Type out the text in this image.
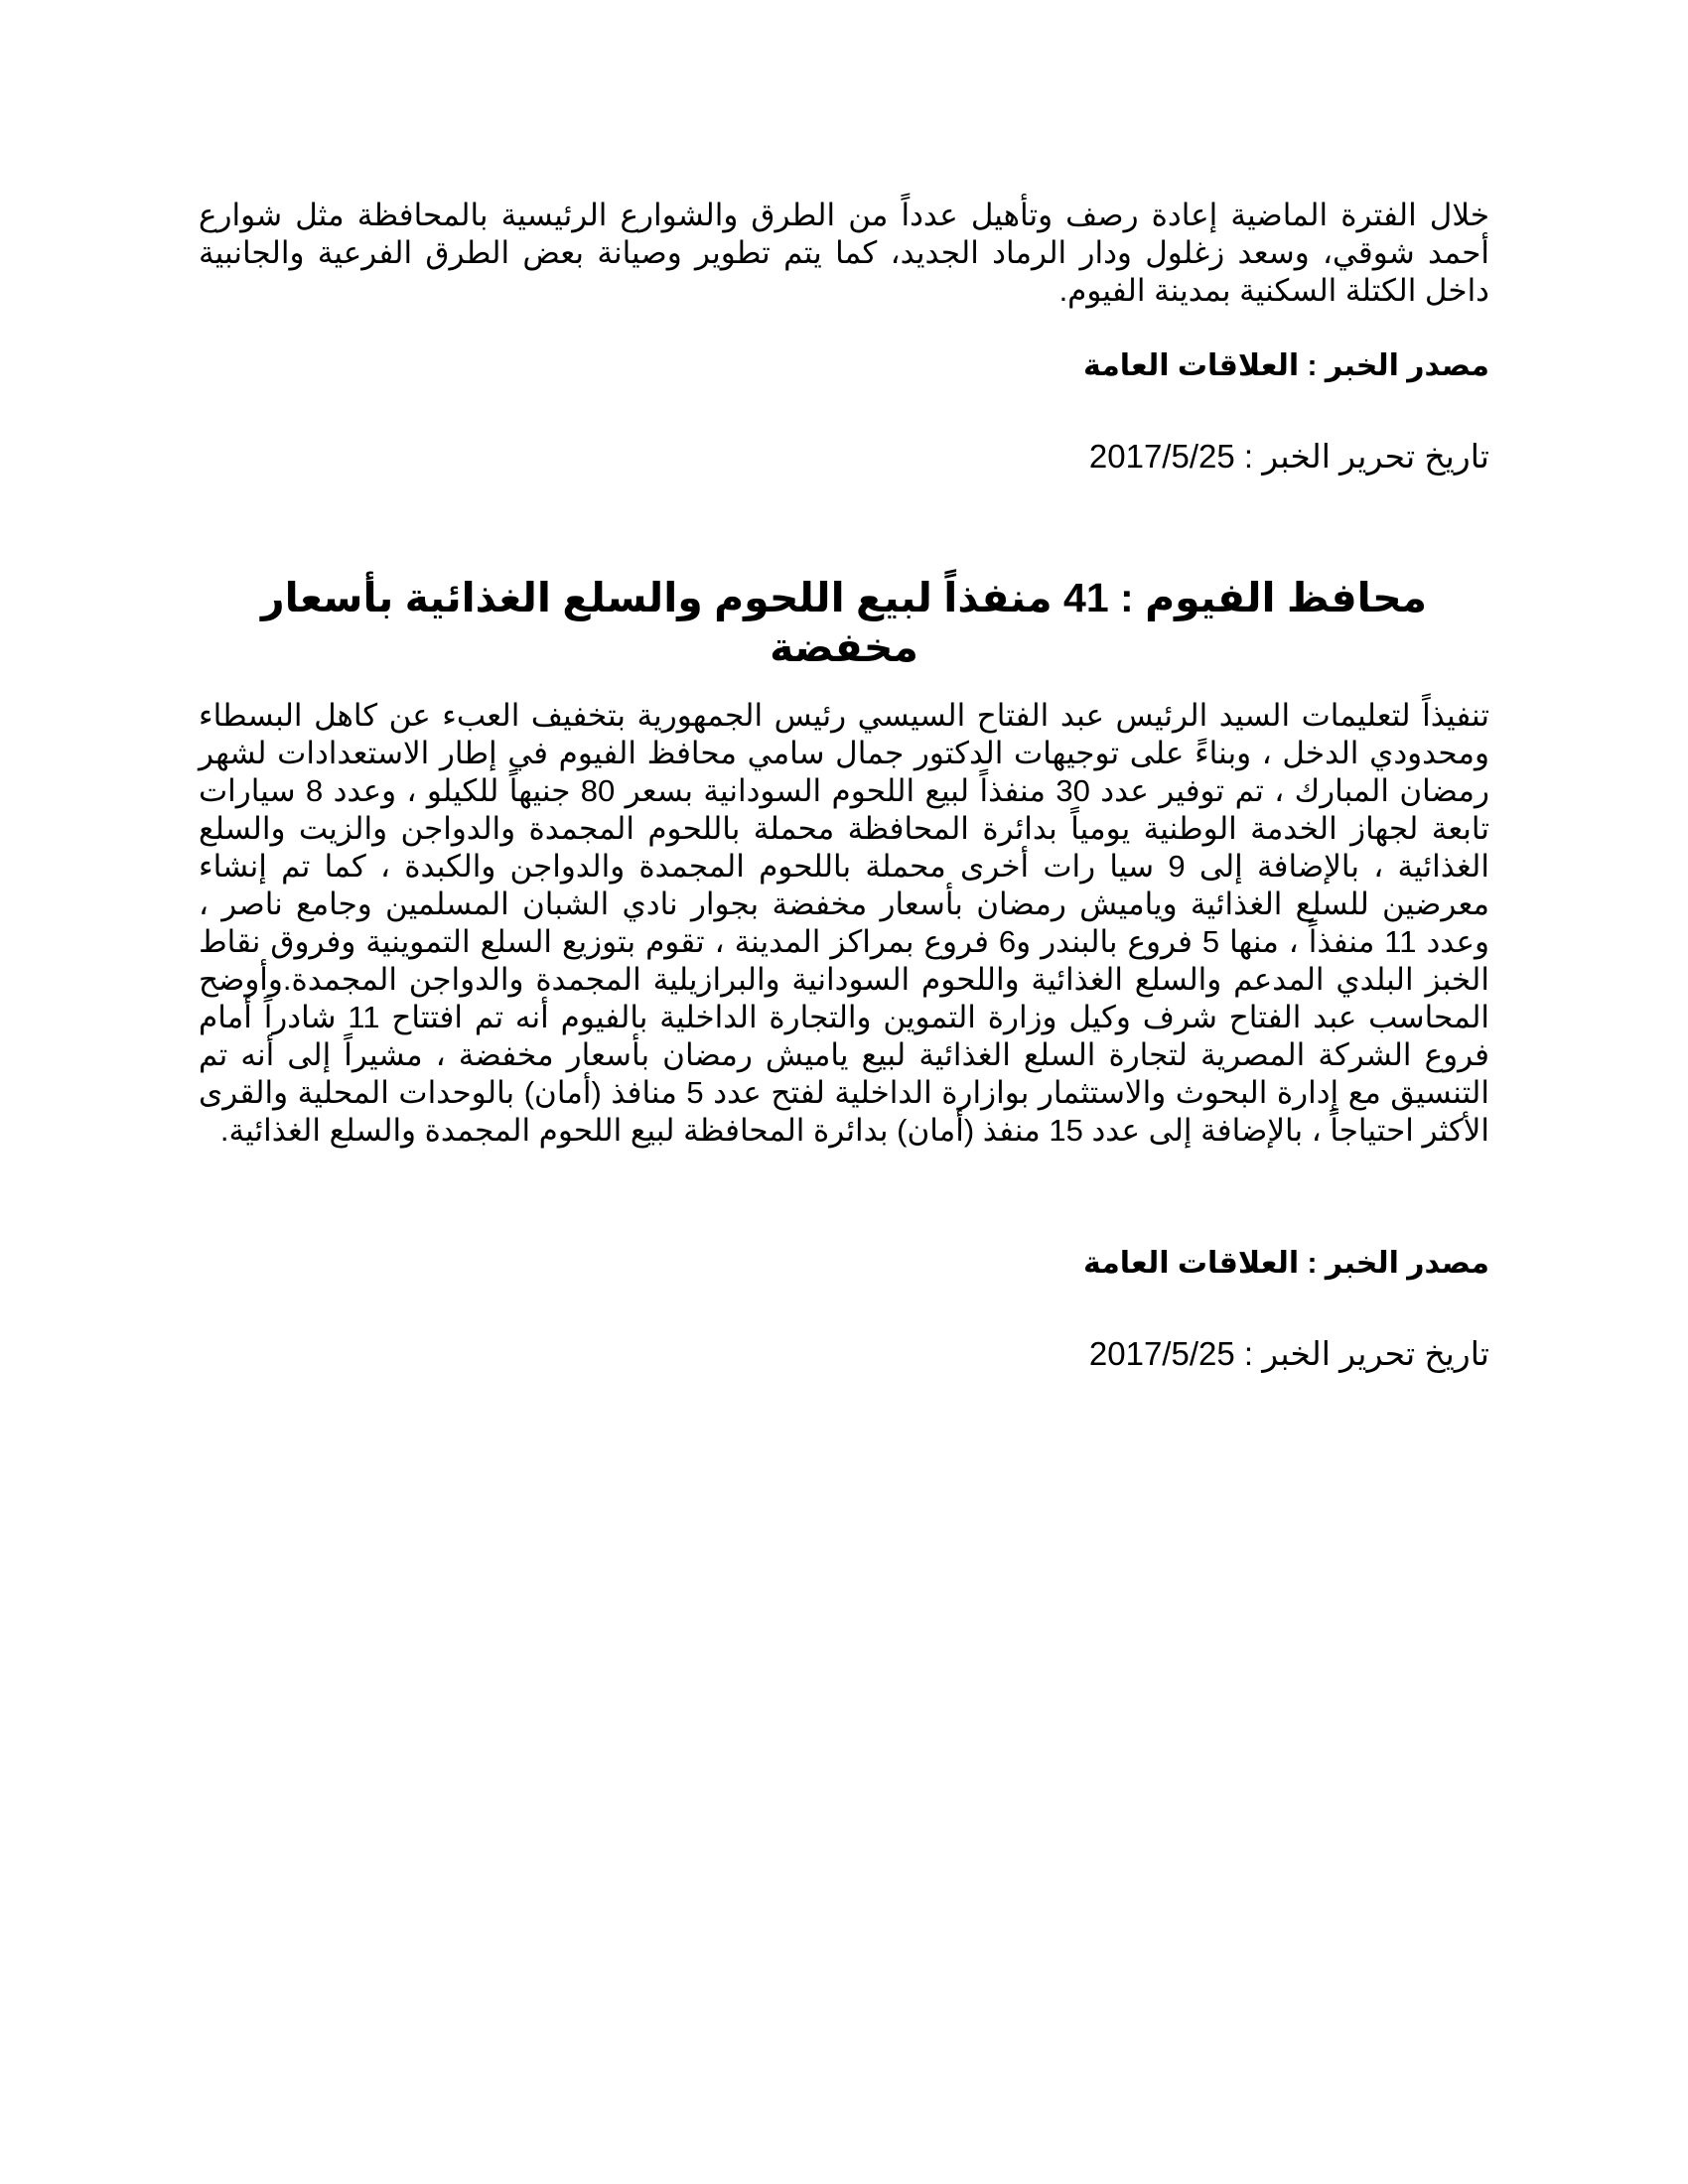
خلال الفترة الماضية إعادة رصف وتأهيل عدداً من الطرق والشوارع الرئيسية بالمحافظة مثل شوارع أحمد شوقي، وسعد زغلول ودار الرماد الجديد، كما يتم تطوير وصيانة بعض الطرق الفرعية والجانبية داخل الكتلة السكنية بمدينة الفيوم.

مصدر الخبر : العلاقات العامة
تاريخ تحرير الخبر : 2017/5/25
محافظ الفيوم : 41 منفذاً لبيع اللحوم والسلع الغذائية بأسعار مخفضة

تنفيذاً لتعليمات السيد الرئيس عبد الفتاح السيسي رئيس الجمهورية بتخفيف العبء عن كاهل البسطاء ومحدودي الدخل ، وبناءً على توجيهات الدكتور جمال سامي محافظ الفيوم في إطار الاستعدادات لشهر رمضان المبارك ، تم توفير عدد 30 منفذاً لبيع اللحوم السودانية بسعر 80 جنيهاً للكيلو ، وعدد 8 سيارات تابعة لجهاز الخدمة الوطنية يومياً بدائرة المحافظة محملة باللحوم المجمدة والدواجن والزيت والسلع الغذائية ، بالإضافة إلى 9 سيا رات أخرى محملة باللحوم المجمدة والدواجن والكبدة ، كما تم إنشاء معرضين للسلع الغذائية وياميش رمضان بأسعار مخفضة بجوار نادي الشبان المسلمين وجامع ناصر ، وعدد 11 منفذاً ، منها 5 فروع بالبندر و6 فروع بمراكز المدينة ، تقوم بتوزيع السلع التموينية وفروق نقاط الخبز البلدي المدعم والسلع الغذائية واللحوم السودانية والبرازيلية المجمدة والدواجن المجمدة.وأوضح المحاسب عبد الفتاح شرف وكيل وزارة التموين والتجارة الداخلية بالفيوم أنه تم افتتاح 11 شادراً أمام فروع الشركة المصرية لتجارة السلع الغذائية لبيع ياميش رمضان بأسعار مخفضة ، مشيراً إلى أنه تم التنسيق مع إدارة البحوث والاستثمار بوازارة الداخلية لفتح عدد 5 منافذ (أمان) بالوحدات المحلية والقرى الأكثر احتياجاً ، بالإضافة إلى عدد 15 منفذ (أمان) بدائرة المحافظة لبيع اللحوم المجمدة والسلع الغذائية.

مصدر الخبر : العلاقات العامة
تاريخ تحرير الخبر : 2017/5/25
